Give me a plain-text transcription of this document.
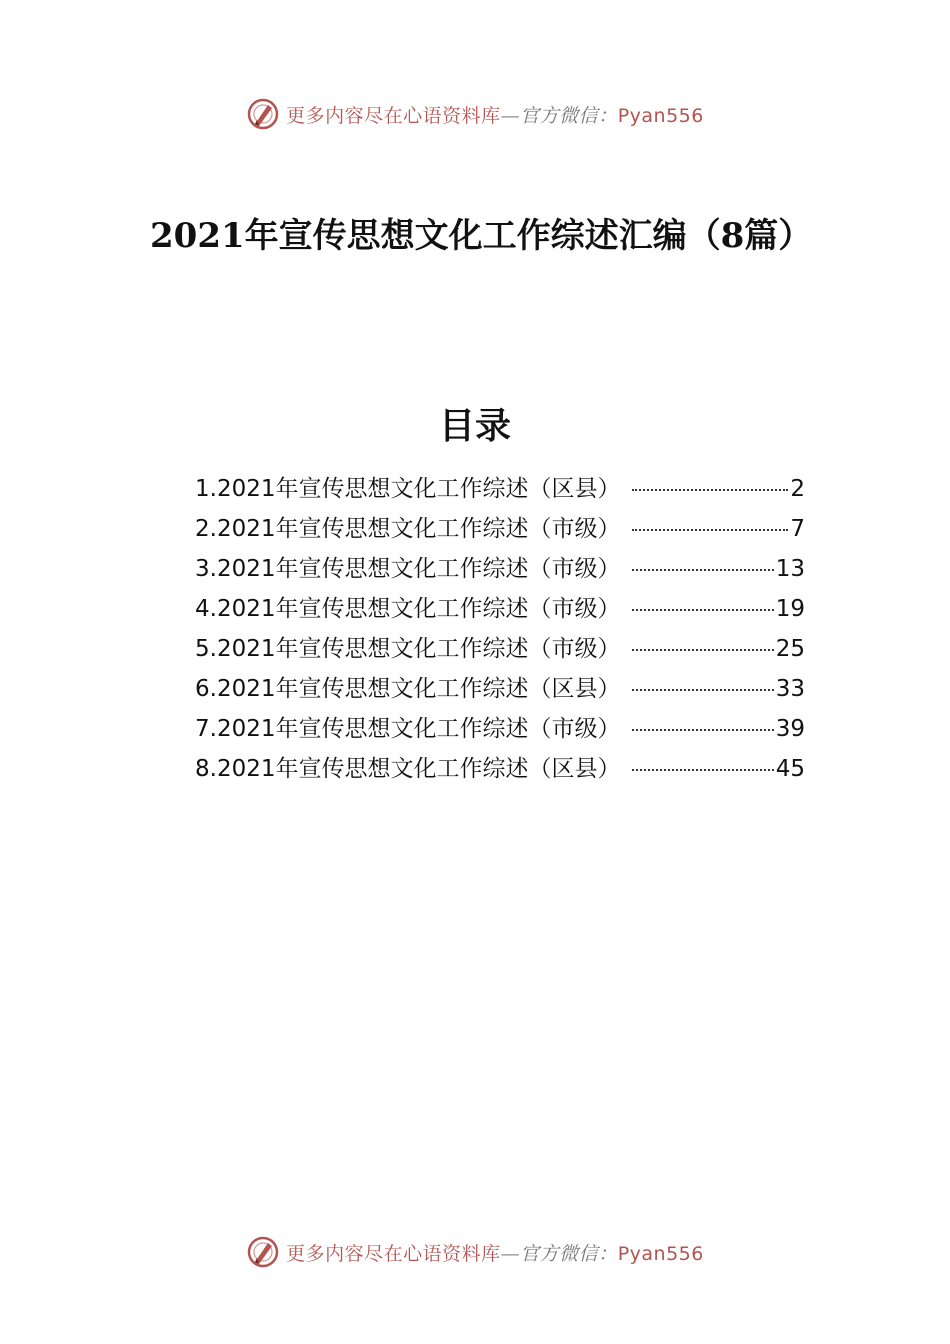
更多内容尽在心语资料库—官方微信：Pyan556
2021年宣传思想文化工作综述汇编（8篇）
目录
1.2021年宣传思想文化工作综述（区县）	2
2.2021年宣传思想文化工作综述（市级）	7
3.2021年宣传思想文化工作综述（市级）	13
4.2021年宣传思想文化工作综述（市级）	19
5.2021年宣传思想文化工作综述（市级）	25
6.2021年宣传思想文化工作综述（区县）	33
7.2021年宣传思想文化工作综述（市级）	39
8.2021年宣传思想文化工作综述（区县）	45
更多内容尽在心语资料库—官方微信：Pyan556
